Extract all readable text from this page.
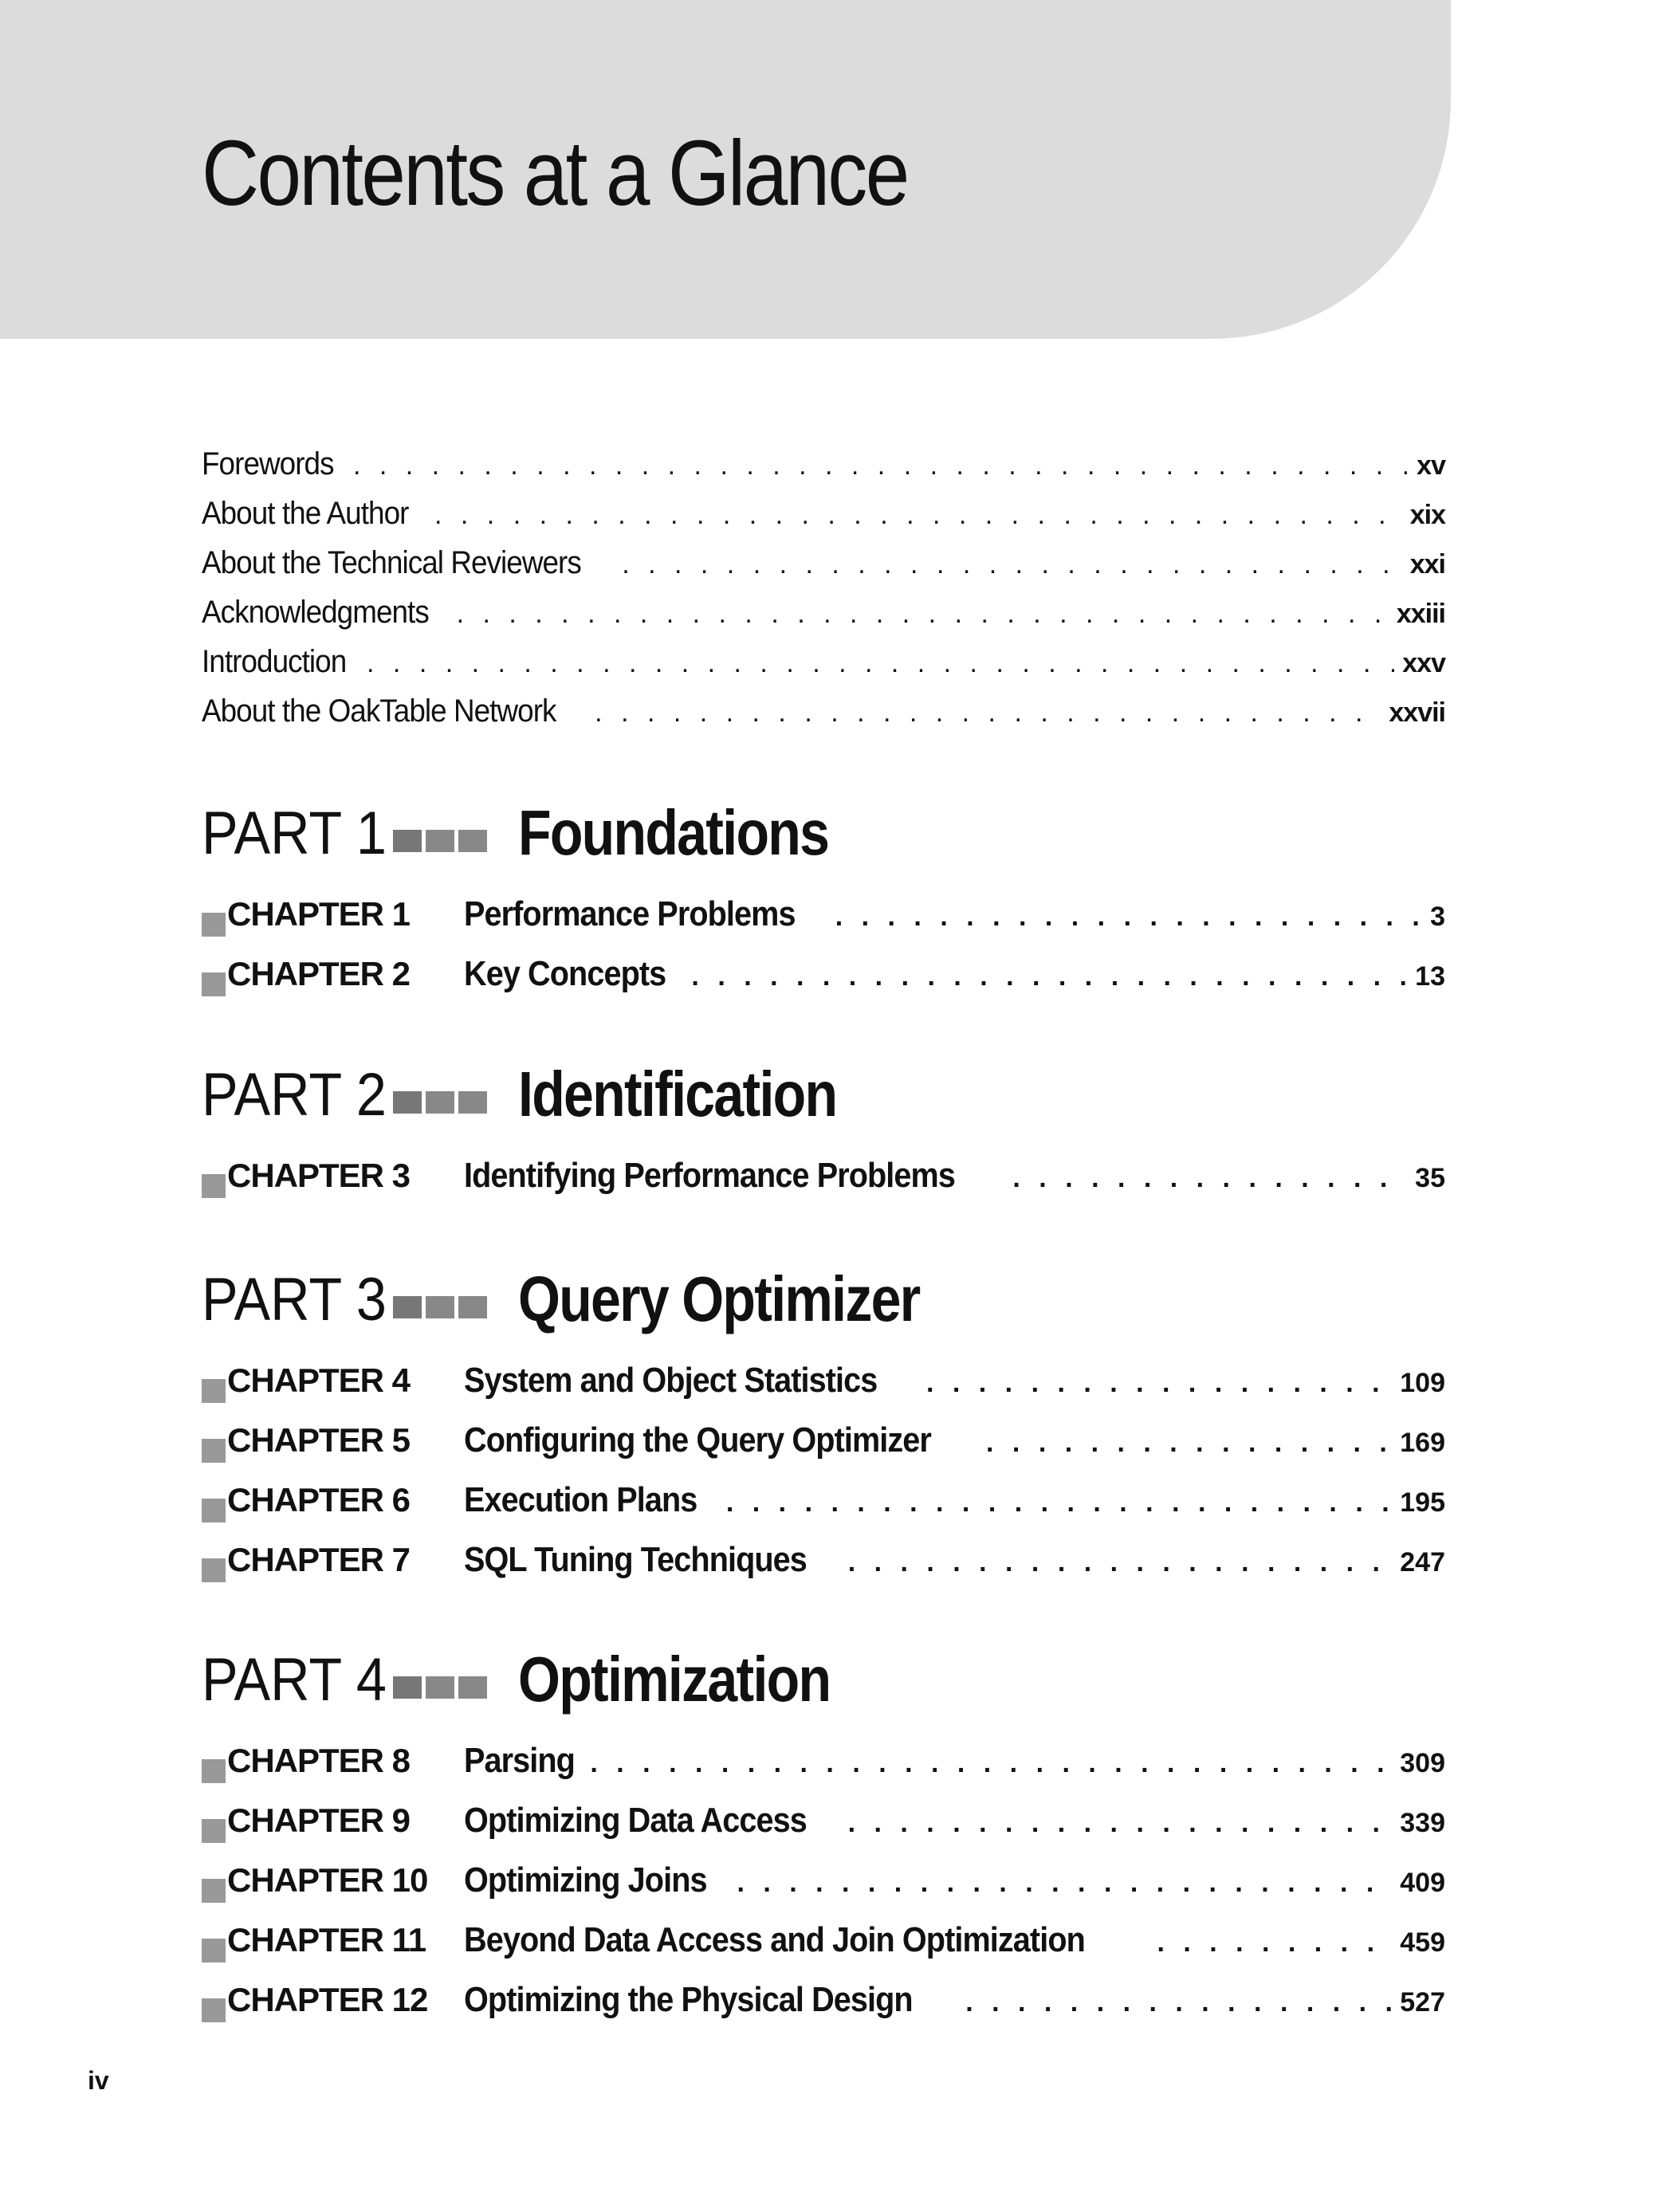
Contents at a Glance
Forewords . . .	xv
About the Author . . .	xix
About the Technical Reviewers . . .	xxi
Acknowledgments . . .	xxiii
Introduction . . .	xxv
About the OakTable Network . . .	xxvii
PART 1 Foundations
CHAPTER 1	Performance Problems . . .	3
CHAPTER 2	Key Concepts . . .	13
PART 2 Identification
CHAPTER 3	Identifying Performance Problems . . .	35
PART 3 Query Optimizer
CHAPTER 4	System and Object Statistics . . .	109
CHAPTER 5	Configuring the Query Optimizer . . .	169
CHAPTER 6	Execution Plans . . .	195
CHAPTER 7	SQL Tuning Techniques . . .	247
PART 4 Optimization
CHAPTER 8	Parsing . . .	309
CHAPTER 9	Optimizing Data Access . . .	339
CHAPTER 10	Optimizing Joins . . .	409
CHAPTER 11	Beyond Data Access and Join Optimization . . .	459
CHAPTER 12	Optimizing the Physical Design . . .	527
iv
